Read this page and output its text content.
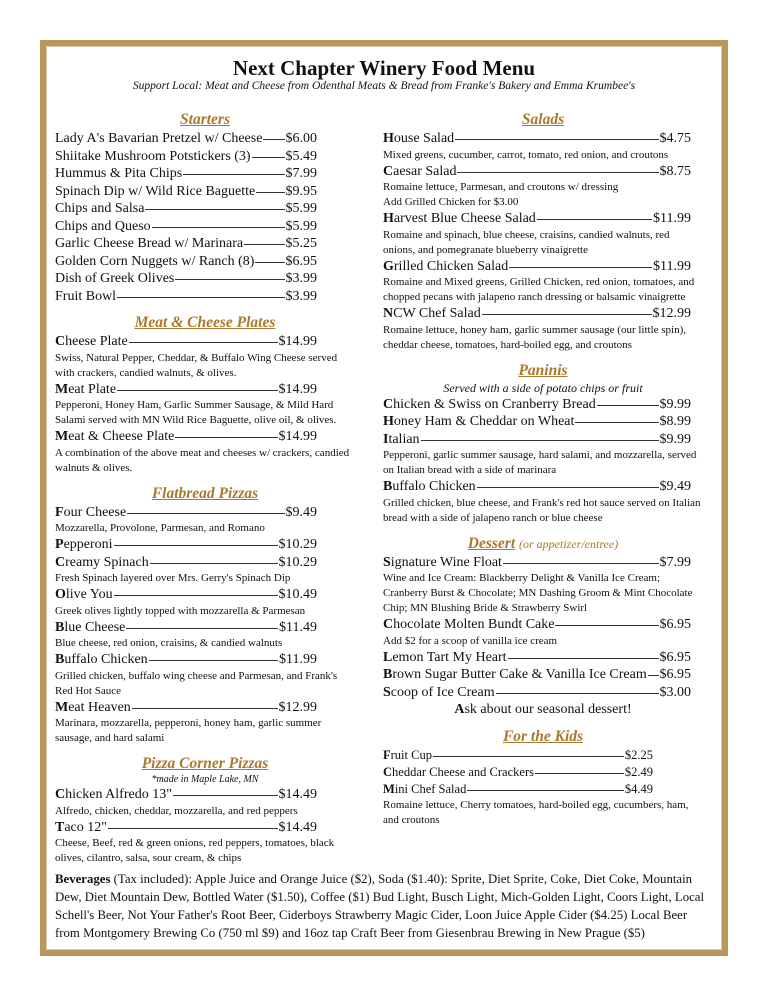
Next Chapter Winery Food Menu
Support Local: Meat and Cheese from Odenthal Meats & Bread from Franke's Bakery and Emma Krumbee's
Starters
Lady A's Bavarian Pretzel w/ Cheese $6.00
Shiitake Mushroom Potstickers (3) $5.49
Hummus & Pita Chips	$7.99
Spinach Dip w/ Wild Rice Baguette $9.95
Chips and Salsa	$5.99
Chips and Queso	$5.99
Garlic Cheese Bread w/ Marinara	$5.25
Golden Corn Nuggets w/ Ranch (8) $6.95
Dish of Greek Olives	$3.99
Fruit Bowl	$3.99
Meat & Cheese Plates
Cheese Plate	$14.99
Swiss, Natural Pepper, Cheddar, & Buffalo Wing Cheese served with crackers, candied walnuts, & olives.
Meat Plate	$14.99
Pepperoni, Honey Ham, Garlic Summer Sausage, & Mild Hard Salami served with MN Wild Rice Baguette, olive oil, & olives.
Meat & Cheese Plate	$14.99
A combination of the above meat and cheeses w/ crackers, candied walnuts & olives.
Flatbread Pizzas
Four Cheese	$9.49
Mozzarella, Provolone, Parmesan, and Romano
Pepperoni	$10.29
Creamy Spinach	$10.29
Fresh Spinach layered over Mrs. Gerry's Spinach Dip
Olive You	$10.49
Greek olives lightly topped with mozzarella & Parmesan
Blue Cheese	$11.49
Blue cheese, red onion, craisins, & candied walnuts
Buffalo Chicken	$11.99
Grilled chicken, buffalo wing cheese and Parmesan, and Frank's Red Hot Sauce
Meat Heaven	$12.99
Marinara, mozzarella, pepperoni, honey ham, garlic summer sausage, and hard salami
Pizza Corner Pizzas
*made in Maple Lake, MN
Chicken Alfredo 13"	$14.49
Alfredo, chicken, cheddar, mozzarella, and red peppers
Taco 12"	$14.49
Cheese, Beef, red & green onions, red peppers, tomatoes, black olives, cilantro, salsa, sour cream, & chips
Salads
House Salad	$4.75
Mixed greens, cucumber, carrot, tomato, red onion, and croutons
Caesar Salad	$8.75
Romaine lettuce, Parmesan, and croutons w/ dressing
Add Grilled Chicken for $3.00
Harvest Blue Cheese Salad	$11.99
Romaine and spinach, blue cheese, craisins, candied walnuts, red onions, and pomegranate blueberry vinaigrette
Grilled Chicken Salad	$11.99
Romaine and Mixed greens, Grilled Chicken, red onion, tomatoes, and chopped pecans with jalapeno ranch dressing or balsamic vinaigrette
NCW Chef Salad	$12.99
Romaine lettuce, honey ham, garlic summer sausage (our little spin), cheddar cheese, tomatoes, hard-boiled egg, and croutons
Paninis
Served with a side of potato chips or fruit
Chicken & Swiss on Cranberry Bread	$9.99
Honey Ham & Cheddar on Wheat	$8.99
Italian	$9.99
Pepperoni, garlic summer sausage, hard salami, and mozzarella, served on Italian bread with a side of marinara
Buffalo Chicken	$9.49
Grilled chicken, blue cheese, and Frank's red hot sauce served on Italian bread with a side of jalapeno ranch or blue cheese
Dessert (or appetizer/entree)
Signature Wine Float	$7.99
Wine and Ice Cream: Blackberry Delight & Vanilla Ice Cream; Cranberry Burst & Chocolate; MN Dashing Groom & Mint Chocolate Chip; MN Blushing Bride & Strawberry Swirl
Chocolate Molten Bundt Cake	$6.95
Add $2 for a scoop of vanilla ice cream
Lemon Tart My Heart	$6.95
Brown Sugar Butter Cake & Vanilla Ice Cream $6.95
Scoop of Ice Cream	$3.00
Ask about our seasonal dessert!
For the Kids
Fruit Cup	$2.25
Cheddar Cheese and Crackers	$2.49
Mini Chef Salad	$4.49
Romaine lettuce, Cherry tomatoes, hard-boiled egg, cucumbers, ham, and croutons
Beverages (Tax included): Apple Juice and Orange Juice ($2), Soda ($1.40): Sprite, Diet Sprite, Coke, Diet Coke, Mountain Dew, Diet Mountain Dew, Bottled Water ($1.50), Coffee ($1) Bud Light, Busch Light, Mich-Golden Light, Coors Light, Local Schell's Beer, Not Your Father's Root Beer, Ciderboys Strawberry Magic Cider, Loon Juice Apple Cider ($4.25) Local Beer from Montgomery Brewing Co (750 ml $9) and 16oz tap Craft Beer from Giesenbrau Brewing in New Prague ($5)
